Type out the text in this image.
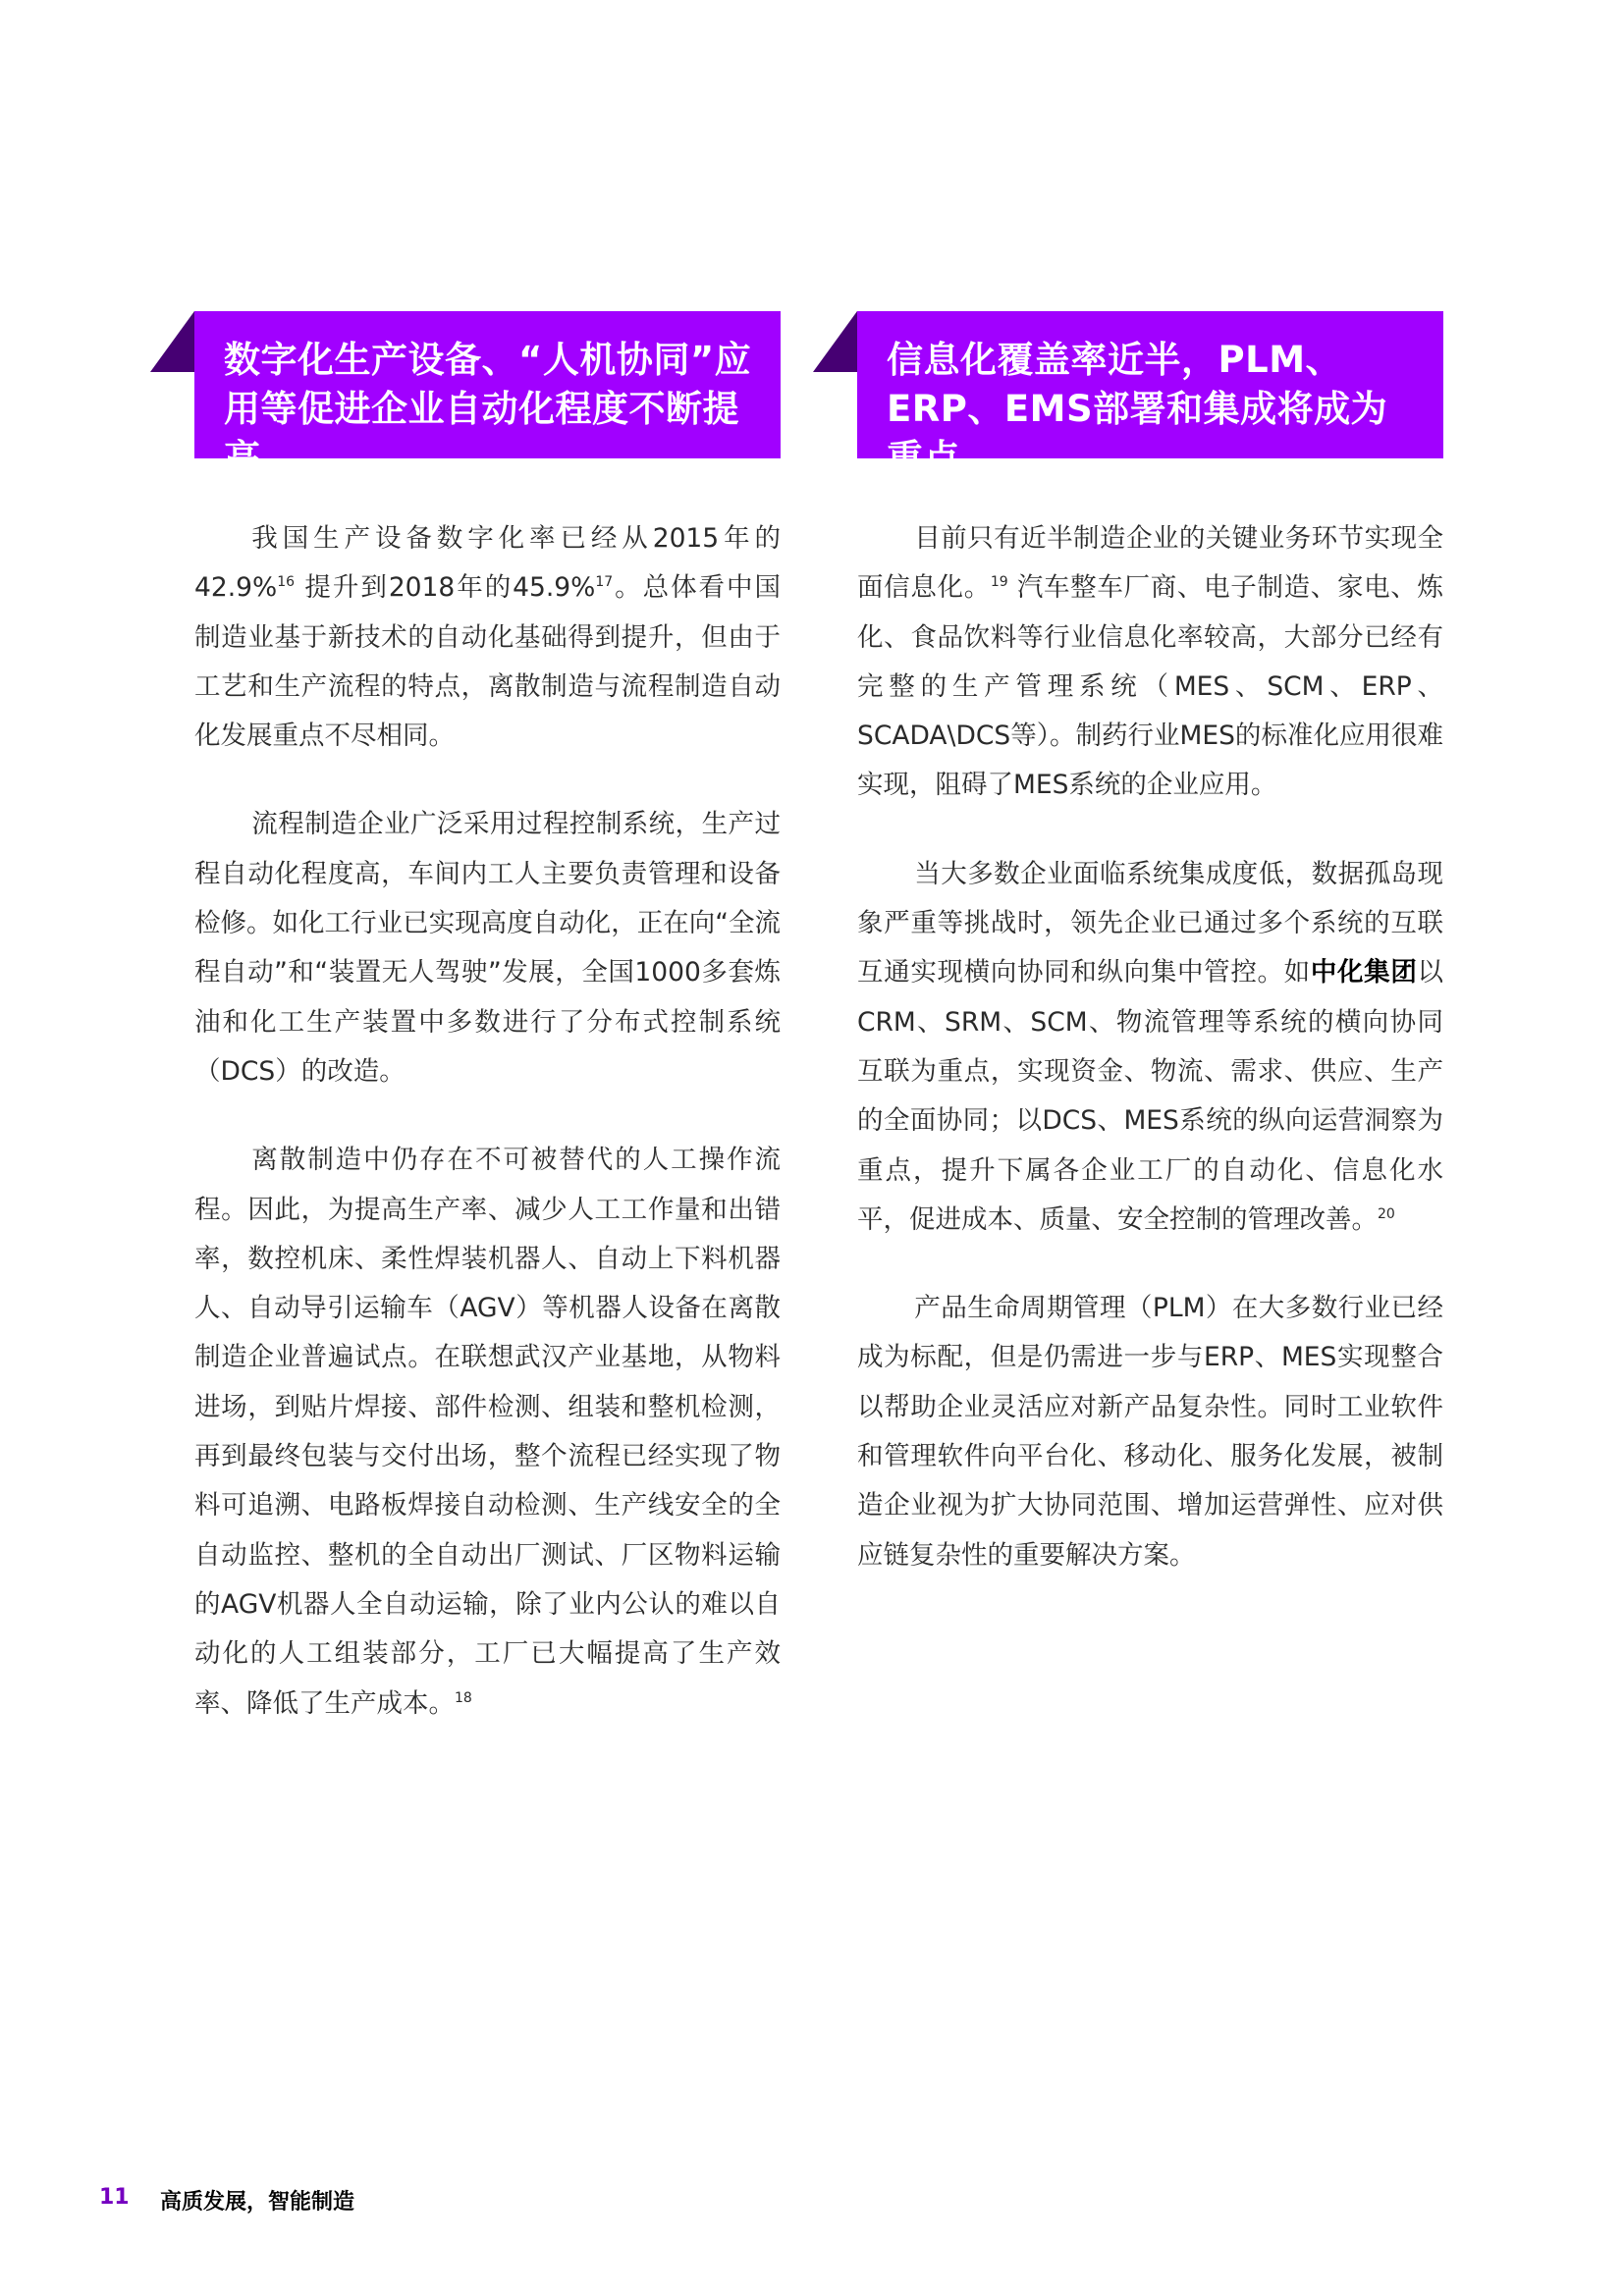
数字化生产设备、“人机协同”应用等促进企业自动化程度不断提高
信息化覆盖率近半，PLM、ERP、EMS部署和集成将成为重点

我国生产设备数字化率已经从2015年的42.9%$^{16}$ 提升到2018年的45.9%$^{17}$。总体看中国制造业基于新技术的自动化基础得到提升，但由于工艺和生产流程的特点，离散制造与流程制造自动化发展重点不尽相同。

流程制造企业广泛采用过程控制系统，生产过程自动化程度高，车间内工人主要负责管理和设备检修。如化工行业已实现高度自动化，正在向“全流程自动”和“装置无人驾驶”发展，全国1000多套炼油和化工生产装置中多数进行了分布式控制系统（DCS）的改造。

离散制造中仍存在不可被替代的人工操作流程。因此，为提高生产率、减少人工工作量和出错率，数控机床、柔性焊装机器人、自动上下料机器人、自动导引运输车（AGV）等机器人设备在离散制造企业普遍试点。在联想武汉产业基地，从物料进场，到贴片焊接、部件检测、组装和整机检测，再到最终包装与交付出场，整个流程已经实现了物料可追溯、电路板焊接自动检测、生产线安全的全自动监控、整机的全自动出厂测试、厂区物料运输的AGV机器人全自动运输，除了业内公认的难以自动化的人工组装部分，工厂已大幅提高了生产效率、降低了生产成本。$^{18}$

目前只有近半制造企业的关键业务环节实现全面信息化。$^{19}$ 汽车整车厂商、电子制造、家电、炼化、食品饮料等行业信息化率较高，大部分已经有完整的生产管理系统（MES、SCM、ERP、SCADA\DCS等）。制药行业MES的标准化应用很难实现，阻碍了MES系统的企业应用。

当大多数企业面临系统集成度低，数据孤岛现象严重等挑战时，领先企业已通过多个系统的互联互通实现横向协同和纵向集中管控。如中化集团以CRM、SRM、SCM、物流管理等系统的横向协同互联为重点，实现资金、物流、需求、供应、生产的全面协同；以DCS、MES系统的纵向运营洞察为重点，提升下属各企业工厂的自动化、信息化水平，促进成本、质量、安全控制的管理改善。$^{20}$

产品生命周期管理（PLM）在大多数行业已经成为标配，但是仍需进一步与ERP、MES实现整合以帮助企业灵活应对新产品复杂性。同时工业软件和管理软件向平台化、移动化、服务化发展，被制造企业视为扩大协同范围、增加运营弹性、应对供应链复杂性的重要解决方案。

11 高质发展，智能制造
